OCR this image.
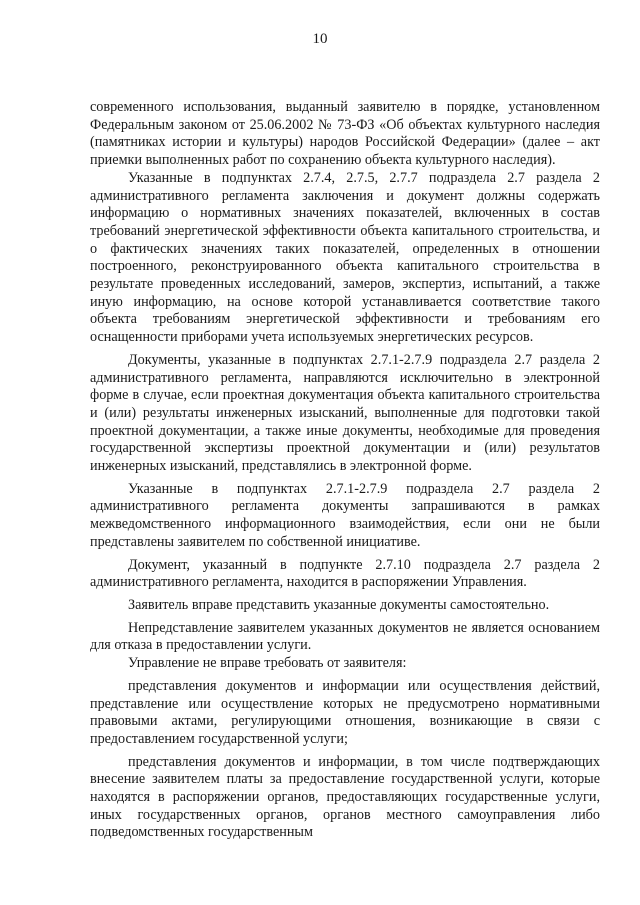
10

современного использования, выданный заявителю в порядке, установленном Федеральным законом от 25.06.2002 № 73-ФЗ «Об объектах культурного наследия (памятниках истории и культуры) народов Российской Федерации» (далее – акт приемки выполненных работ по сохранению объекта культурного наследия).

Указанные в подпунктах 2.7.4, 2.7.5, 2.7.7 подраздела 2.7 раздела 2 административного регламента заключения и документ должны содержать информацию о нормативных значениях показателей, включенных в состав требований энергетической эффективности объекта капитального строительства, и о фактических значениях таких показателей, определенных в отношении построенного, реконструированного объекта капитального строительства в результате проведенных исследований, замеров, экспертиз, испытаний, а также иную информацию, на основе которой устанавливается соответствие такого объекта требованиям энергетической эффективности и требованиям его оснащенности приборами учета используемых энергетических ресурсов.

Документы, указанные в подпунктах 2.7.1-2.7.9 подраздела 2.7 раздела 2 административного регламента, направляются исключительно в электронной форме в случае, если проектная документация объекта капитального строительства и (или) результаты инженерных изысканий, выполненные для подготовки такой проектной документации, а также иные документы, необходимые для проведения государственной экспертизы проектной документации и (или) результатов инженерных изысканий, представлялись в электронной форме.

Указанные в подпунктах 2.7.1-2.7.9 подраздела 2.7 раздела 2 административного регламента документы запрашиваются в рамках межведомственного информационного взаимодействия, если они не были представлены заявителем по собственной инициативе.

Документ, указанный в подпункте 2.7.10 подраздела 2.7 раздела 2 административного регламента, находится в распоряжении Управления.

Заявитель вправе представить указанные документы самостоятельно.

Непредставление заявителем указанных документов не является основанием для отказа в предоставлении услуги.

Управление не вправе требовать от заявителя:

представления документов и информации или осуществления действий, представление или осуществление которых не предусмотрено нормативными правовыми актами, регулирующими отношения, возникающие в связи с предоставлением государственной услуги;

представления документов и информации, в том числе подтверждающих внесение заявителем платы за предоставление государственной услуги, которые находятся в распоряжении органов, предоставляющих государственные услуги, иных государственных органов, органов местного самоуправления либо подведомственных государственным
